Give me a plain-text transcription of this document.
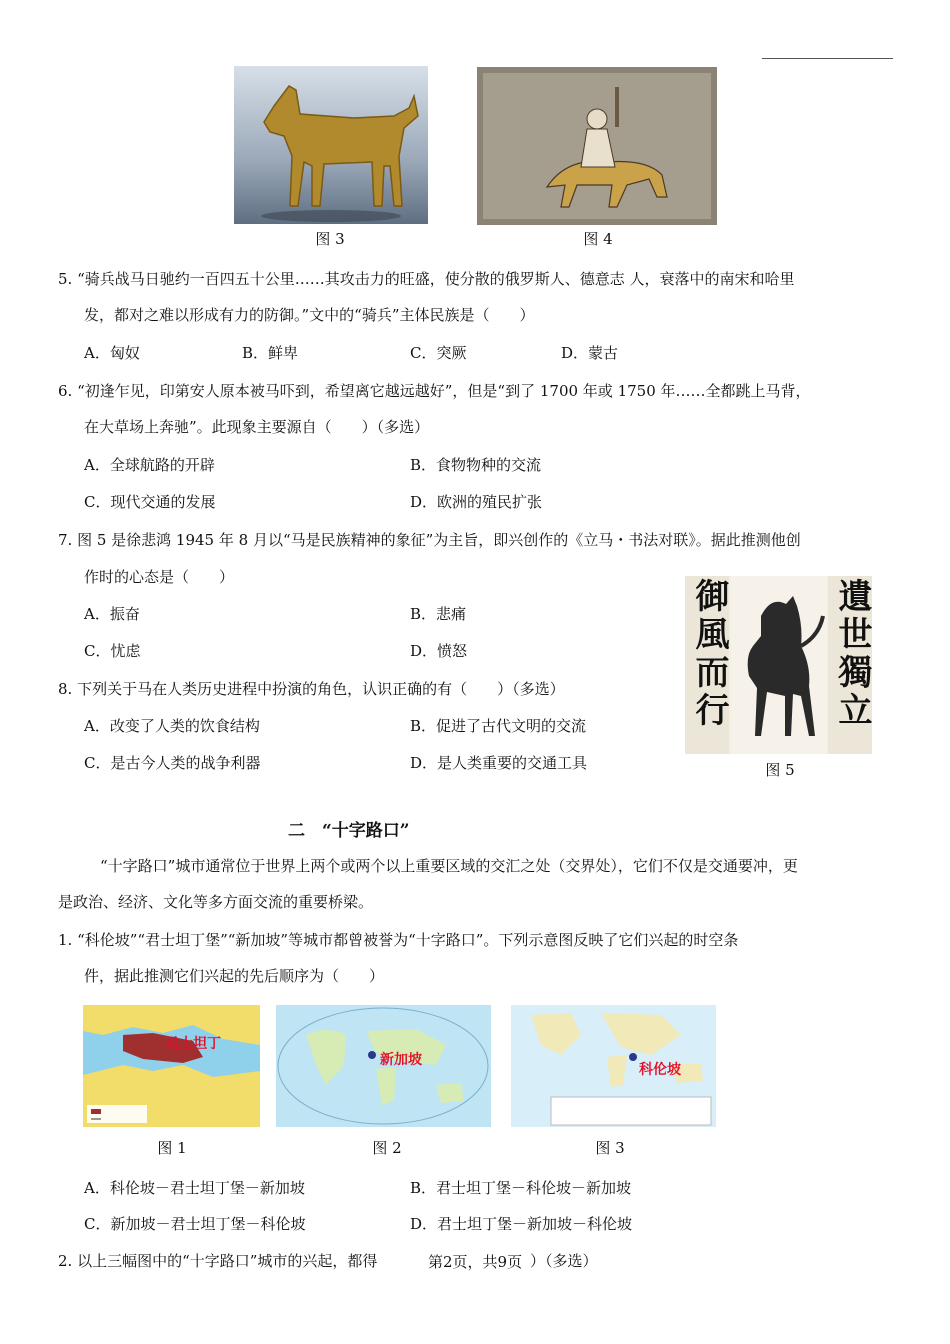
图 3	图 4
5. “骑兵战马日驰约一百四五十公里……其攻击力的旺盛，使分散的俄罗斯人、德意志 人，衰落中的南宋和哈里
发，都对之难以形成有力的防御。”文中的“骑兵”主体民族是（　　）
A．匈奴	B．鲜卑	C．突厥	D．蒙古
6. “初逢乍见，印第安人原本被马吓到，希望离它越远越好”，但是“到了 1700 年或 1750 年……全都跳上马背，
在大草场上奔驰”。此现象主要源自（　　）（多选）
A．全球航路的开辟	B．食物物种的交流
C．现代交通的发展	D．欧洲的殖民扩张
7. 图 5 是徐悲鸿 1945 年 8 月以“马是民族精神的象征”为主旨，即兴创作的《立马・书法对联》。据此推测他创
作时的心态是（　　）
A．振奋	B．悲痛
C．忧虑	D．愤怒
8. 下列关于马在人类历史进程中扮演的角色，认识正确的有（　　）（多选）
A．改变了人类的饮食结构	B．促进了古代文明的交流
C．是古今人类的战争利器	D．是人类重要的交通工具
御風而行	遺世獨立
图 5
二　“十字路口”
“十字路口”城市通常位于世界上两个或两个以上重要区域的交汇之处（交界处），它们不仅是交通要冲，更
是政治、经济、文化等多方面交流的重要桥梁。
1. “科伦坡”“君士坦丁堡”“新加坡”等城市都曾被誉为“十字路口”。下列示意图反映了它们兴起的时空条
件，据此推测它们兴起的先后顺序为（　　）
君士坦丁
图 1
新加坡
图 2
科伦坡
图 3
A．科伦坡－君士坦丁堡－新加坡	B．君士坦丁堡－科伦坡－新加坡
C．新加坡－君士坦丁堡－科伦坡	D．君士坦丁堡－新加坡－科伦坡
2. 以上三幅图中的“十字路口”城市的兴起，都得	第2页，共9页 ）（多选）
